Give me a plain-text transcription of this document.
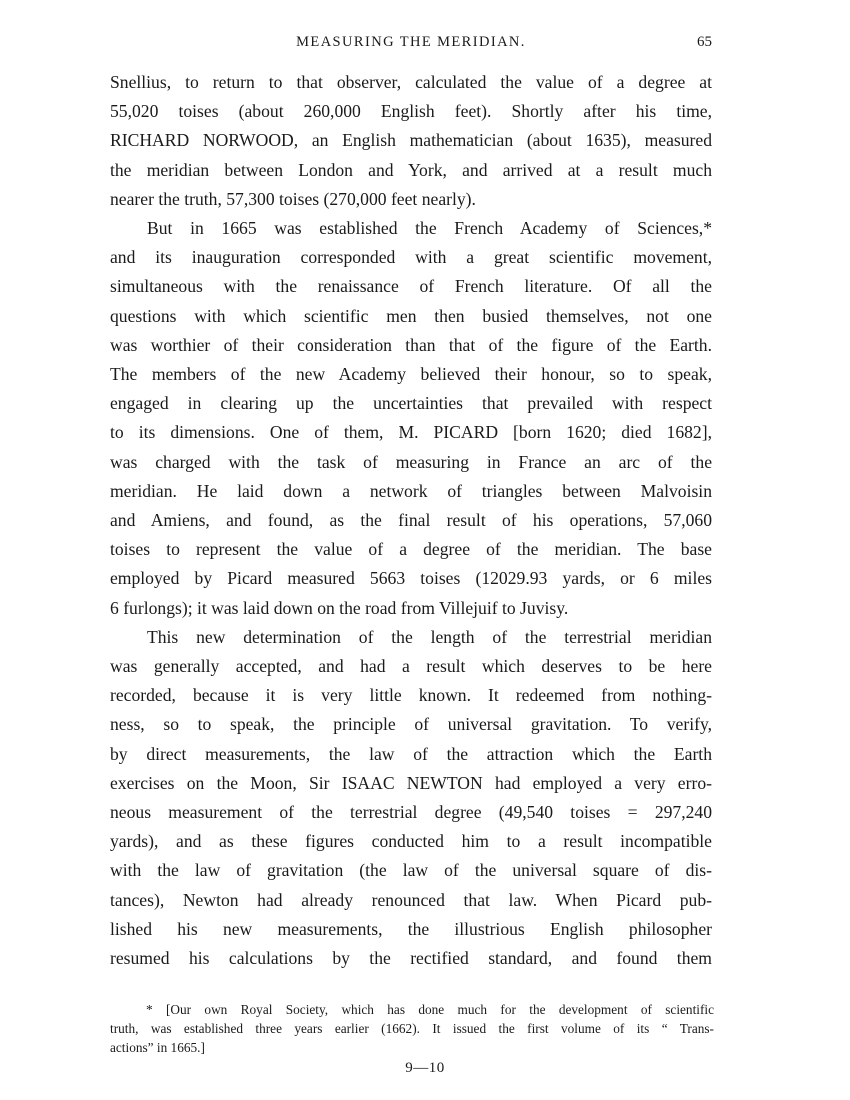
MEASURING THE MERIDIAN.	65

Snellius, to return to that observer, calculated the value of a degree at
55,020 toises (about 260,000 English feet). Shortly after his time,
RICHARD NORWOOD, an English mathematician (about 1635), measured
the meridian between London and York, and arrived at a result much
nearer the truth, 57,300 toises (270,000 feet nearly).

But in 1665 was established the French Academy of Sciences,*
and its inauguration corresponded with a great scientific movement,
simultaneous with the renaissance of French literature. Of all the
questions with which scientific men then busied themselves, not one
was worthier of their consideration than that of the figure of the Earth.
The members of the new Academy believed their honour, so to speak,
engaged in clearing up the uncertainties that prevailed with respect
to its dimensions. One of them, M. PICARD [born 1620; died 1682],
was charged with the task of measuring in France an arc of the
meridian. He laid down a network of triangles between Malvoisin
and Amiens, and found, as the final result of his operations, 57,060
toises to represent the value of a degree of the meridian. The base
employed by Picard measured 5663 toises (12029.93 yards, or 6 miles
6 furlongs); it was laid down on the road from Villejuif to Juvisy.

This new determination of the length of the terrestrial meridian
was generally accepted, and had a result which deserves to be here
recorded, because it is very little known. It redeemed from nothing-
ness, so to speak, the principle of universal gravitation. To verify,
by direct measurements, the law of the attraction which the Earth
exercises on the Moon, Sir ISAAC NEWTON had employed a very erro-
neous measurement of the terrestrial degree (49,540 toises = 297,240
yards), and as these figures conducted him to a result incompatible
with the law of gravitation (the law of the universal square of dis-
tances), Newton had already renounced that law. When Picard pub-
lished his new measurements, the illustrious English philosopher
resumed his calculations by the rectified standard, and found them

* [Our own Royal Society, which has done much for the development of scientific
truth, was established three years earlier (1662). It issued the first volume of its “ Trans-
actions” in 1665.]
9—10
